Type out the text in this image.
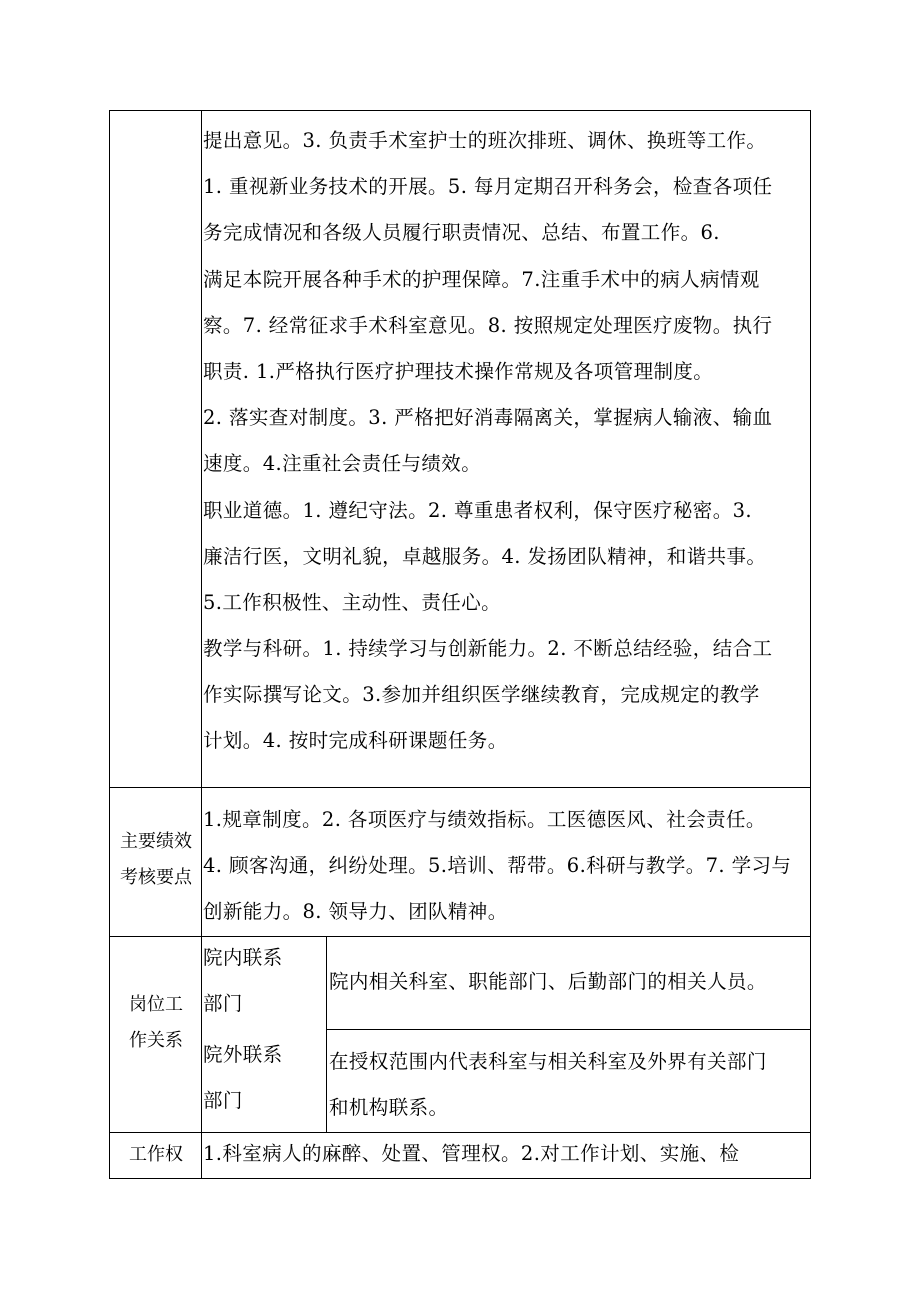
提出意见。3. 负责手术室护士的班次排班、调休、换班等工作。
1. 重视新业务技术的开展。5. 每月定期召开科务会，检查各项任
务完成情况和各级人员履行职责情况、总结、布置工作。6.
满足本院开展各种手术的护理保障。7.注重手术中的病人病情观
察。7. 经常征求手术科室意见。8. 按照规定处理医疗废物。执行
职责. 1.严格执行医疗护理技术操作常规及各项管理制度。
2. 落实查对制度。3. 严格把好消毒隔离关，掌握病人输液、输血
速度。4.注重社会责任与绩效。
职业道德。1. 遵纪守法。2. 尊重患者权利，保守医疗秘密。3.
廉洁行医，文明礼貌，卓越服务。4. 发扬团队精神，和谐共事。
5.工作积极性、主动性、责任心。
教学与科研。1. 持续学习与创新能力。2. 不断总结经验，结合工
作实际撰写论文。3.参加并组织医学继续教育，完成规定的教学
计划。4. 按时完成科研课题任务。
主要绩效
考核要点
1.规章制度。2. 各项医疗与绩效指标。工医德医风、社会责任。
4. 顾客沟通，纠纷处理。5.培训、帮带。6.科研与教学。7. 学习与
创新能力。8. 领导力、团队精神。
岗位工
作关系
院内联系
部门
院内相关科室、职能部门、后勤部门的相关人员。
院外联系
部门
在授权范围内代表科室与相关科室及外界有关部门
和机构联系。
工作权	1.科室病人的麻醉、处置、管理权。2.对工作计划、实施、检
